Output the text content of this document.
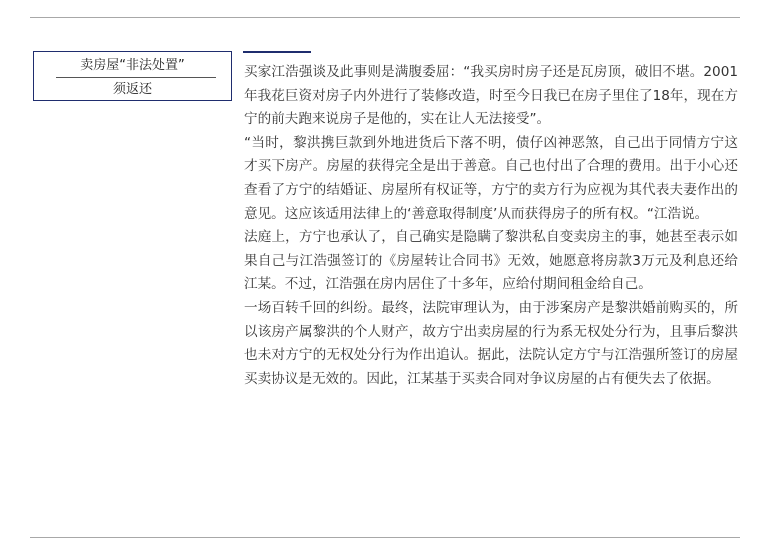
卖房屋“非法处置”
须返还

买家江浩强谈及此事则是满腹委屈：“我买房时房子还是瓦房顶，破旧不堪。2001年我花巨资对房子内外进行了装修改造，时至今日我已在房子里住了18年，现在方宁的前夫跑来说房子是他的，实在让人无法接受”。

“当时，黎洪携巨款到外地进货后下落不明，债仔凶神恶煞，自己出于同情方宁这才买下房产。房屋的获得完全是出于善意。自己也付出了合理的费用。出于小心还查看了方宁的结婚证、房屋所有权证等，方宁的卖方行为应视为其代表夫妻作出的意见。这应该适用法律上的‘善意取得制度’从而获得房子的所有权。“江浩说。

法庭上，方宁也承认了，自己确实是隐瞒了黎洪私自变卖房主的事，她甚至表示如果自己与江浩强签订的《房屋转让合同书》无效，她愿意将房款3万元及利息还给江某。不过，江浩强在房内居住了十多年，应给付期间租金给自己。

一场百转千回的纠纷。最终，法院审理认为，由于涉案房产是黎洪婚前购买的，所以该房产属黎洪的个人财产，故方宁出卖房屋的行为系无权处分行为，且事后黎洪也未对方宁的无权处分行为作出追认。据此，法院认定方宁与江浩强所签订的房屋买卖协议是无效的。因此，江某基于买卖合同对争议房屋的占有便失去了依据。
